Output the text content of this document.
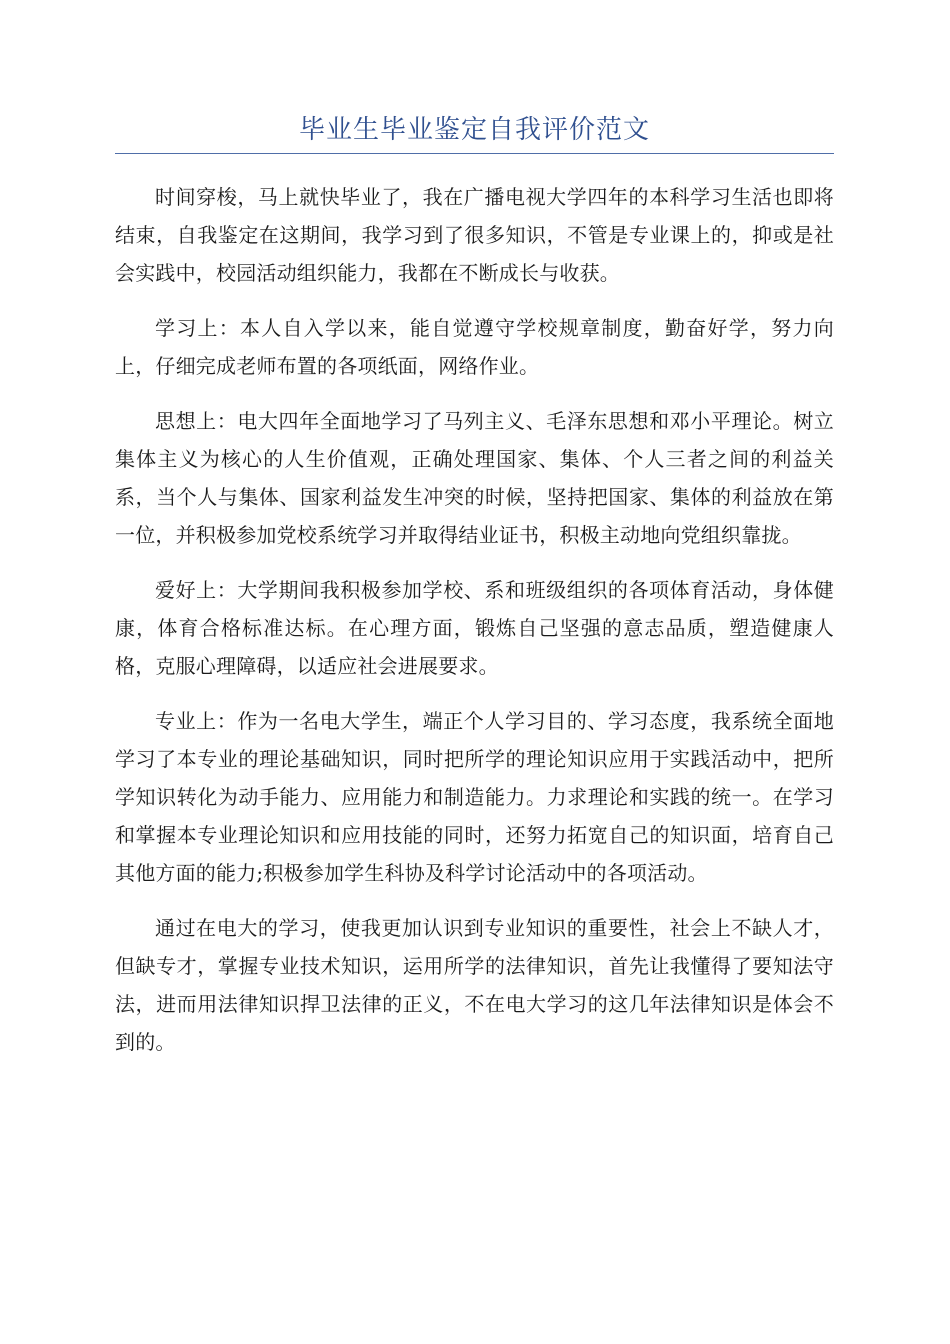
毕业生毕业鉴定自我评价范文

时间穿梭，马上就快毕业了，我在广播电视大学四年的本科学习生活也即将结束，自我鉴定在这期间，我学习到了很多知识，不管是专业课上的，抑或是社会实践中，校园活动组织能力，我都在不断成长与收获。

学习上：本人自入学以来，能自觉遵守学校规章制度，勤奋好学，努力向上，仔细完成老师布置的各项纸面，网络作业。

思想上：电大四年全面地学习了马列主义、毛泽东思想和邓小平理论。树立集体主义为核心的人生价值观，正确处理国家、集体、个人三者之间的利益关系，当个人与集体、国家利益发生冲突的时候，坚持把国家、集体的利益放在第一位，并积极参加党校系统学习并取得结业证书，积极主动地向党组织靠拢。

爱好上：大学期间我积极参加学校、系和班级组织的各项体育活动，身体健康，体育合格标准达标。在心理方面，锻炼自己坚强的意志品质，塑造健康人格，克服心理障碍，以适应社会进展要求。

专业上：作为一名电大学生，端正个人学习目的、学习态度，我系统全面地学习了本专业的理论基础知识，同时把所学的理论知识应用于实践活动中，把所学知识转化为动手能力、应用能力和制造能力。力求理论和实践的统一。在学习和掌握本专业理论知识和应用技能的同时，还努力拓宽自己的知识面，培育自己其他方面的能力;积极参加学生科协及科学讨论活动中的各项活动。

通过在电大的学习，使我更加认识到专业知识的重要性，社会上不缺人才，但缺专才，掌握专业技术知识，运用所学的法律知识，首先让我懂得了要知法守法，进而用法律知识捍卫法律的正义，不在电大学习的这几年法律知识是体会不到的。
